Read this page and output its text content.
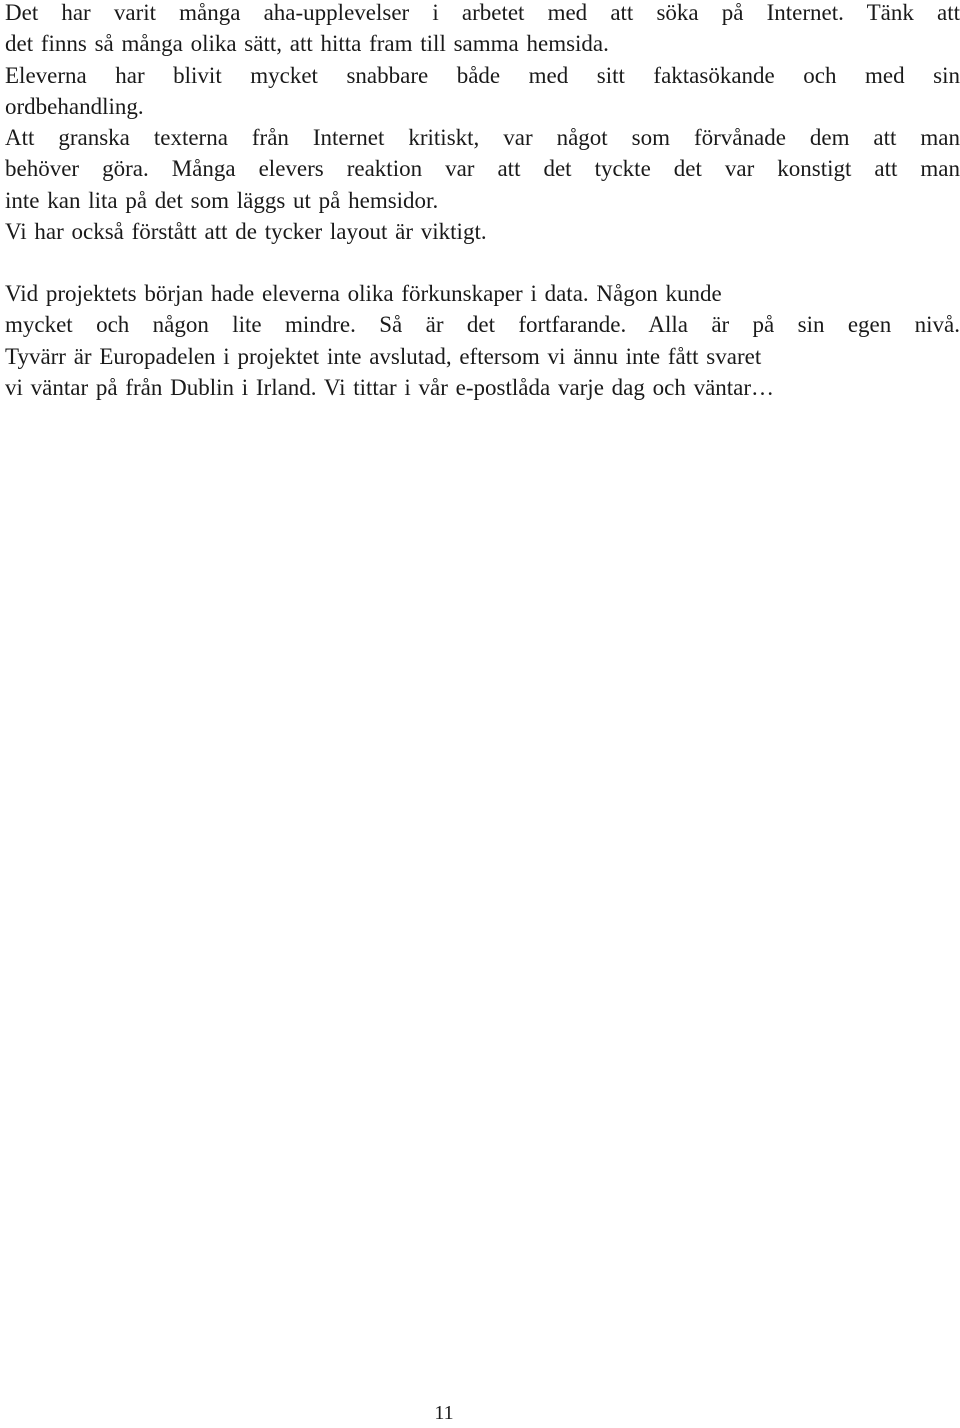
Det har varit många aha-upplevelser i arbetet med att söka på Internet. Tänk att
det finns så många olika sätt, att hitta fram till samma hemsida.
Eleverna har blivit mycket snabbare både med sitt faktasökande och med sin
ordbehandling.
Att granska texterna från Internet kritiskt, var något som förvånade dem att man
behöver göra. Många elevers reaktion var att det tyckte det var konstigt att man
inte kan lita på det som läggs ut på hemsidor.
Vi har också förstått att de tycker layout är viktigt.
Vid projektets början hade eleverna olika förkunskaper i data. Någon kunde
mycket och någon lite mindre. Så är det fortfarande. Alla är på sin egen nivå.
Tyvärr är Europadelen i projektet inte avslutad, eftersom vi ännu inte fått svaret
vi väntar på från Dublin i Irland. Vi tittar i vår e-postlåda varje dag och väntar…
11
